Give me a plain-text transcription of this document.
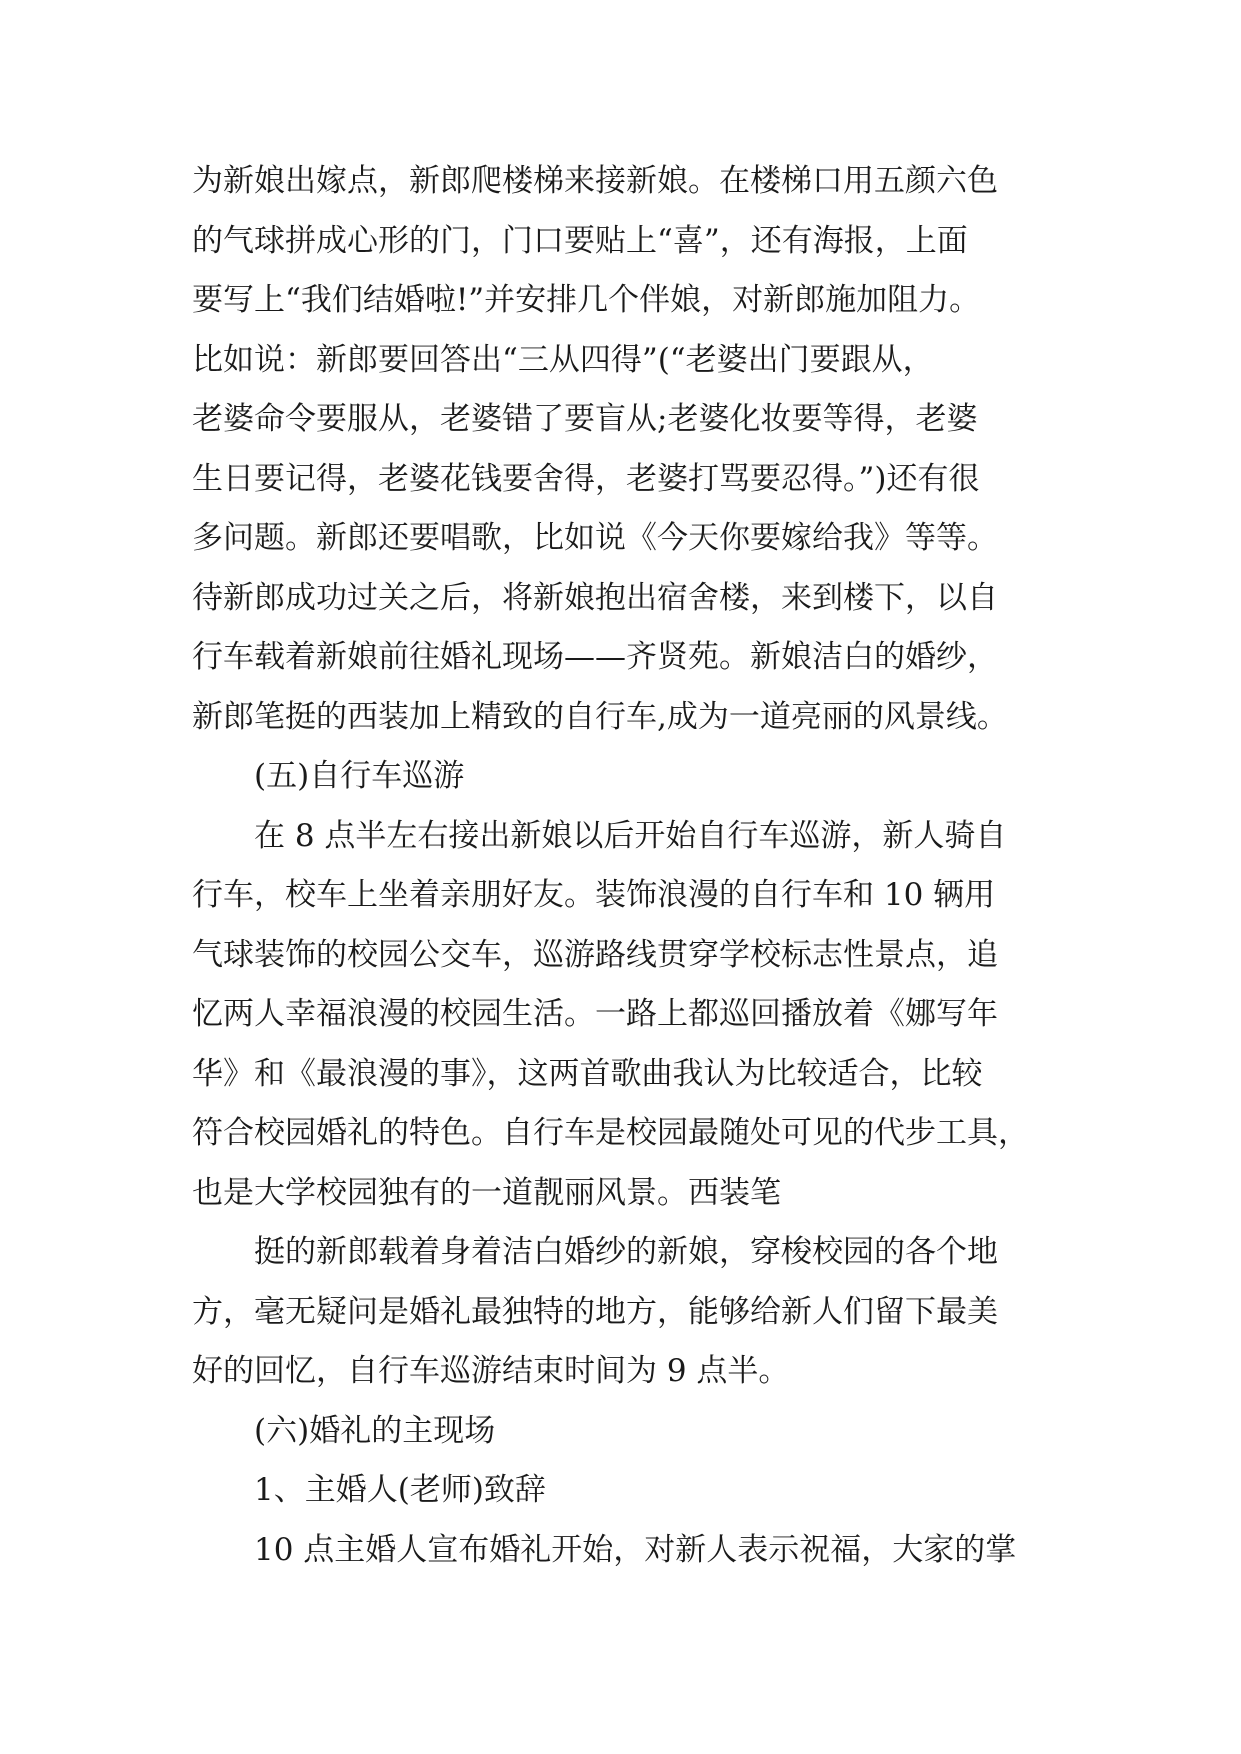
为新娘出嫁点，新郎爬楼梯来接新娘。在楼梯口用五颜六色
的气球拼成心形的门，门口要贴上“喜”，还有海报，上面
要写上“我们结婚啦!”并安排几个伴娘，对新郎施加阻力。
比如说：新郎要回答出“三从四得”(“老婆出门要跟从，
老婆命令要服从，老婆错了要盲从;老婆化妆要等得，老婆
生日要记得，老婆花钱要舍得，老婆打骂要忍得。”)还有很
多问题。新郎还要唱歌，比如说《今天你要嫁给我》等等。
待新郎成功过关之后，将新娘抱出宿舍楼，来到楼下，以自
行车载着新娘前往婚礼现场——齐贤苑。新娘洁白的婚纱，
新郎笔挺的西装加上精致的自行车,成为一道亮丽的风景线。
(五)自行车巡游
在 8 点半左右接出新娘以后开始自行车巡游，新人骑自
行车，校车上坐着亲朋好友。装饰浪漫的自行车和 10 辆用
气球装饰的校园公交车，巡游路线贯穿学校标志性景点，追
忆两人幸福浪漫的校园生活。一路上都巡回播放着《娜写年
华》和《最浪漫的事》，这两首歌曲我认为比较适合，比较
符合校园婚礼的特色。自行车是校园最随处可见的代步工具，
也是大学校园独有的一道靓丽风景。西装笔
挺的新郎载着身着洁白婚纱的新娘，穿梭校园的各个地
方，毫无疑问是婚礼最独特的地方，能够给新人们留下最美
好的回忆，自行车巡游结束时间为 9 点半。
(六)婚礼的主现场
1、主婚人(老师)致辞
10 点主婚人宣布婚礼开始，对新人表示祝福，大家的掌
